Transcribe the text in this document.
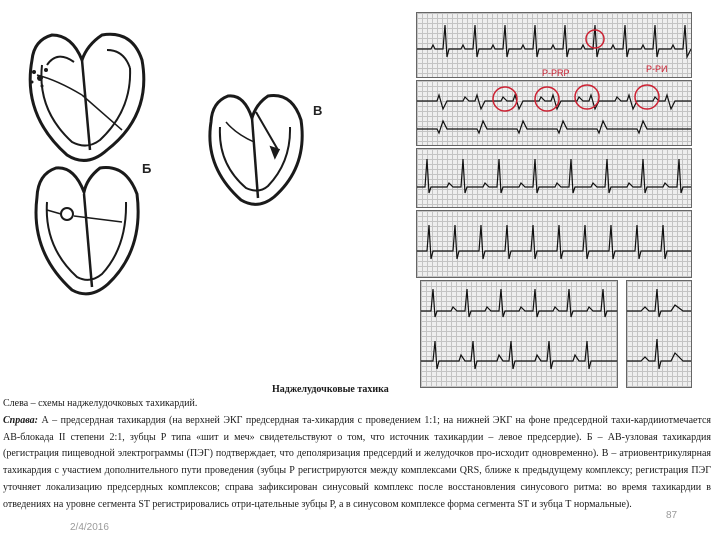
В
Б
Р-РИ
P-PRP
Наджелудочковые тахика

Слева – схемы наджелудочковых тахикардий.
Справа: А – предсердная тахикардия (на верхней ЭКГ предсердная та-хикардия с проведением 1:1; на нижней ЭКГ на фоне предсердной тахи-кардииотмечается АВ-блокада II степени 2:1, зубцы Р типа «шит и меч» свидетельствуют о том, что источник тахикардии – левое предсердие). Б – АВ-узловая тахикардия (регистрация пищеводной электрограммы (ПЭГ) подтверждает, что деполяризация предсердий и желудочков про-исходит одновременно). В – атриовентрикулярная тахикардия с участием дополнительного пути проведения (зубцы Р регистрируются между комплексами QRS, ближе к предыдущему комплексу; регистрация ПЭГ уточняет локализацию предсердных комплексов; справа зафиксирован синусовый комплекс после восстановления синусового ритма: во время тахикардии в отведениях на уровне сегмента ST регистрировались отри-цательные зубцы Р, а в синусовом комплексе форма сегмента ST и зубца Т нормальные).

2/4/2016
87
